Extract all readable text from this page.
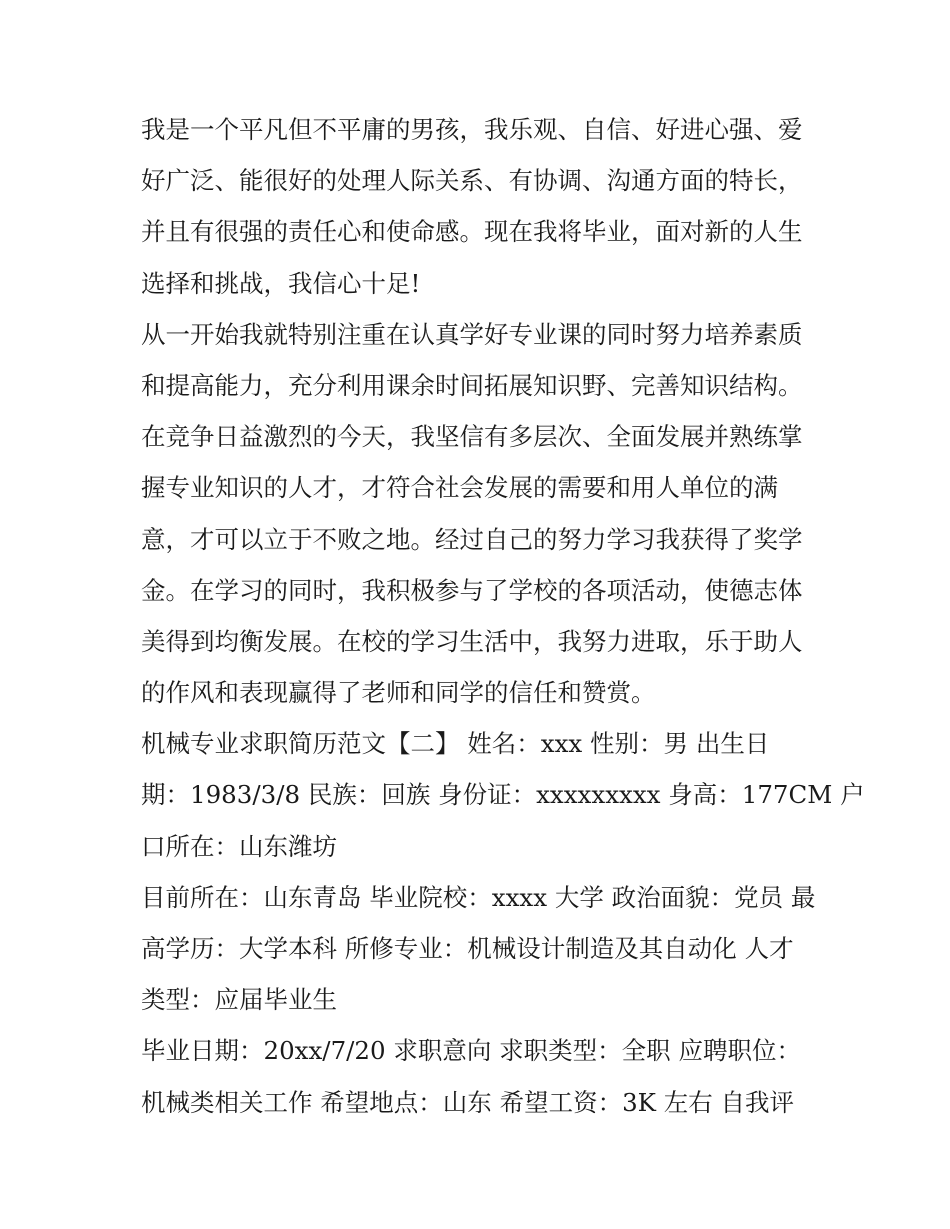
我是一个平凡但不平庸的男孩，我乐观、自信、好进心强、爱
好广泛、能很好的处理人际关系、有协调、沟通方面的特长，
并且有很强的责任心和使命感。现在我将毕业，面对新的人生
选择和挑战，我信心十足!
从一开始我就特别注重在认真学好专业课的同时努力培养素质
和提高能力，充分利用课余时间拓展知识野、完善知识结构。
在竞争日益激烈的今天，我坚信有多层次、全面发展并熟练掌
握专业知识的人才，才符合社会发展的需要和用人单位的满
意，才可以立于不败之地。经过自己的努力学习我获得了奖学
金。在学习的同时，我积极参与了学校的各项活动，使德志体
美得到均衡发展。在校的学习生活中，我努力进取，乐于助人
的作风和表现赢得了老师和同学的信任和赞赏。
机械专业求职简历范文【二】 姓名：xxx 性别：男 出生日
期：1983/3/8 民族：回族 身份证：xxxxxxxxx 身高：177CM 户
口所在：山东潍坊
目前所在：山东青岛 毕业院校：xxxx 大学 政治面貌：党员 最
高学历：大学本科 所修专业：机械设计制造及其自动化 人才
类型：应届毕业生
毕业日期：20xx/7/20 求职意向 求职类型：全职 应聘职位：
机械类相关工作 希望地点：山东 希望工资：3K 左右 自我评
